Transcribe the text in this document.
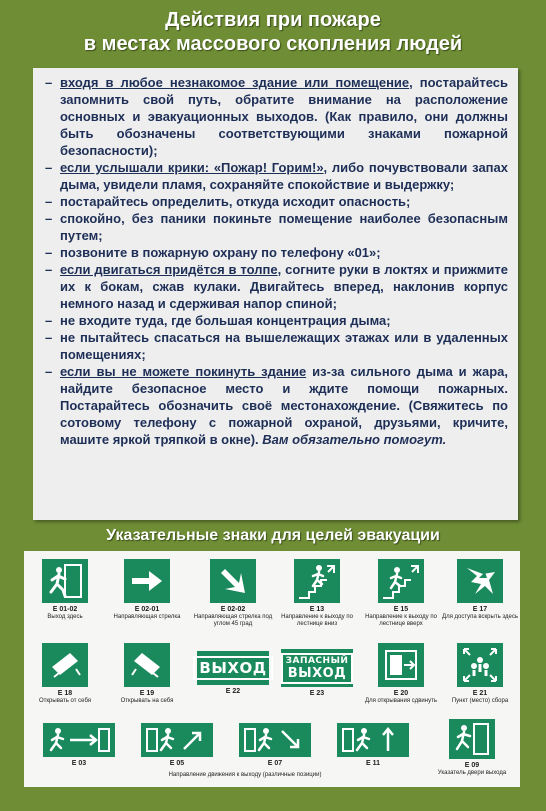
Действия при пожаре
в местах массового скопления людей
– входя в любое незнакомое здание или помещение, постарайтесь запомнить свой путь, обратите внимание на расположение основных и эвакуационных выходов. (Как правило, они должны быть обозначены соответствующими знаками пожарной безопасности);
– если услышали крики: «Пожар! Горим!», либо почувствовали запах дыма, увидели пламя, сохраняйте спокойствие и выдержку;
– постарайтесь определить, откуда исходит опасность;
– спокойно, без паники покиньте помещение наиболее безопасным путем;
– позвоните в пожарную охрану по телефону «01»;
– если двигаться придётся в толпе, согните руки в локтях и прижмите их к бокам, сжав кулаки. Двигайтесь вперед, наклонив корпус немного назад и сдерживая напор спиной;
– не входите туда, где большая концентрация дыма;
– не пытайтесь спасаться на вышележащих этажах или в удаленных помещениях;
– если вы не можете покинуть здание из-за сильного дыма и жара, найдите безопасное место и ждите помощи пожарных. Постарайтесь обозначить своё местонахождение. (Свяжитесь по сотовому телефону с пожарной охраной, друзьями, кричите, машите яркой тряпкой в окне). Вам обязательно помогут.
Указательные знаки для целей эвакуации
Е 01-02
Выход здесь
Е 02-01
Направляющая стрелка
Е 02-02
Направляющая стрелка под углом 45 град
Е 13
Направление к выходу по лестнице вниз
Е 15
Направление к выходу по лестнице вверх
Е 17
Для доступа вскрыть здесь
Е 18
Открывать от себя
Е 19
Открывать на себя
ВЫХОД
Е 22
ЗАПАСНЫЙ
ВЫХОД
Е 23	Е 20
Для открывания сдвинуть
Е 21
Пункт (место) сбора
Е 03	Е 05	Е 07	Е 11	Е 09
Указатель двери выхода
Направление движения к выходу (различные позиции)
